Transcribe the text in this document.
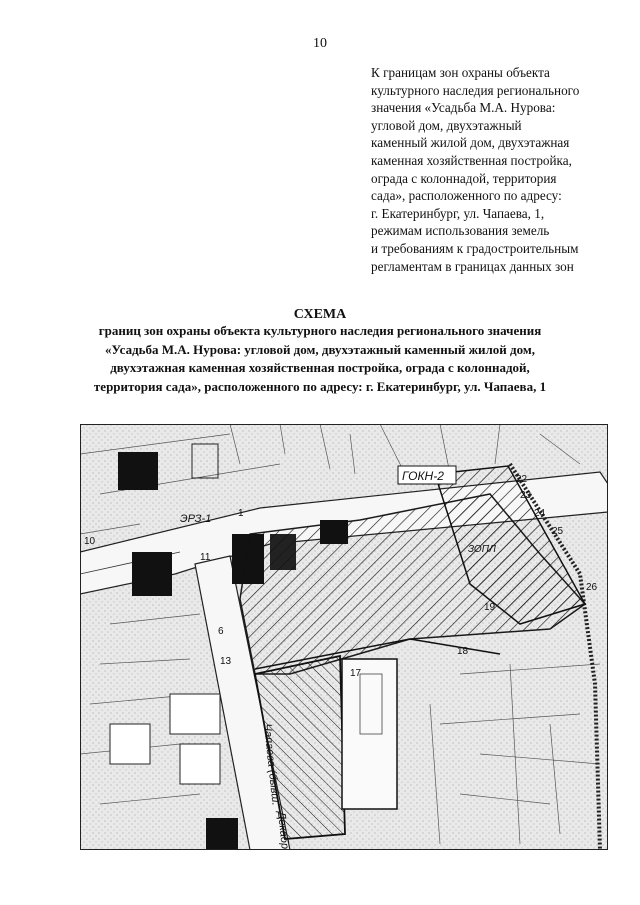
10
К границам зон охраны объекта
культурного наследия регионального
значения «Усадьба М.А. Нурова:
угловой дом, двухэтажный
каменный жилой дом, двухэтажная
каменная хозяйственная постройка,
ограда с колоннадой, территория
сада», расположенного по адресу:
г. Екатеринбург, ул. Чапаева, 1,
режимам использования земель
и требованиям к градостроительным
регламентам в границах данных зон
СХЕМА
границ зон охраны объекта культурного наследия регионального значения
«Усадьба М.А. Нурова: угловой дом, двухэтажный каменный жилой дом,
двухэтажная каменная хозяйственная постройка, ограда с колоннадой,
территория сада», расположенного по адресу: г. Екатеринбург, ул. Чапаева, 1
ГОКН-2
ЭРЗ-1
ЗОПЛ
Чапаева (бывш.
Декабр
1
6
10
11
13
17
18
19
22
23
24
25
26
